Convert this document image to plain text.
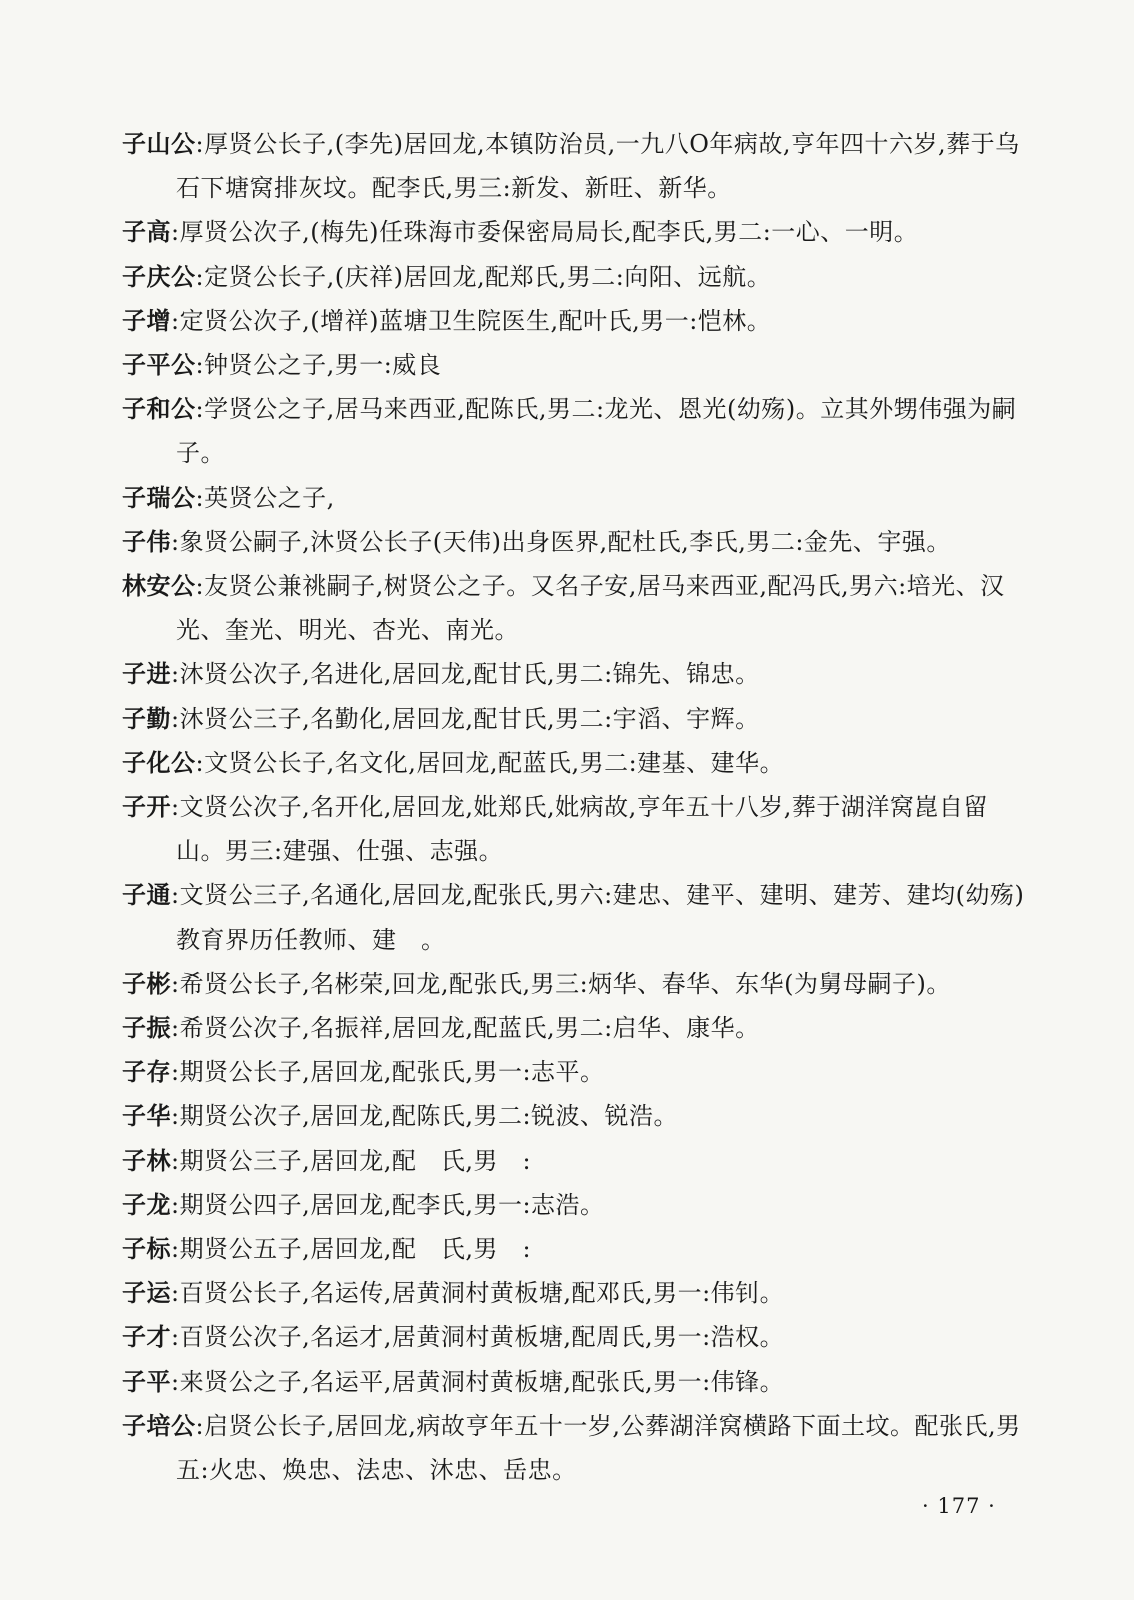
子山公:厚贤公长子,(李先)居回龙,本镇防治员,一九八O年病故,亨年四十六岁,葬于乌石下塘窝排灰坟。配李氏,男三:新发、新旺、新华。
子高:厚贤公次子,(梅先)任珠海市委保密局局长,配李氏,男二:一心、一明。
子庆公:定贤公长子,(庆祥)居回龙,配郑氏,男二:向阳、远航。
子增:定贤公次子,(增祥)蓝塘卫生院医生,配叶氏,男一:恺林。
子平公:钟贤公之子,男一:威良
子和公:学贤公之子,居马来西亚,配陈氏,男二:龙光、恩光(幼殇)。立其外甥伟强为嗣子。
子瑞公:英贤公之子,
子伟:象贤公嗣子,沐贤公长子(天伟)出身医界,配杜氏,李氏,男二:金先、宇强。
林安公:友贤公兼祧嗣子,树贤公之子。又名子安,居马来西亚,配冯氏,男六:培光、汉光、奎光、明光、杏光、南光。
子进:沐贤公次子,名进化,居回龙,配甘氏,男二:锦先、锦忠。
子勤:沐贤公三子,名勤化,居回龙,配甘氏,男二:宇滔、宇辉。
子化公:文贤公长子,名文化,居回龙,配蓝氏,男二:建基、建华。
子开:文贤公次子,名开化,居回龙,妣郑氏,妣病故,亨年五十八岁,葬于湖洋窝崑自留山。男三:建强、仕强、志强。
子通:文贤公三子,名通化,居回龙,配张氏,男六:建忠、建平、建明、建芳、建均(幼殇)教育界历任教师、建　。
子彬:希贤公长子,名彬荣,回龙,配张氏,男三:炳华、春华、东华(为舅母嗣子)。
子振:希贤公次子,名振祥,居回龙,配蓝氏,男二:启华、康华。
子存:期贤公长子,居回龙,配张氏,男一:志平。
子华:期贤公次子,居回龙,配陈氏,男二:锐波、锐浩。
子林:期贤公三子,居回龙,配　氏,男　:
子龙:期贤公四子,居回龙,配李氏,男一:志浩。
子标:期贤公五子,居回龙,配　氏,男　:
子运:百贤公长子,名运传,居黄洞村黄板塘,配邓氏,男一:伟钊。
子才:百贤公次子,名运才,居黄洞村黄板塘,配周氏,男一:浩权。
子平:来贤公之子,名运平,居黄洞村黄板塘,配张氏,男一:伟锋。
子培公:启贤公长子,居回龙,病故亨年五十一岁,公葬湖洋窝横路下面土坟。配张氏,男五:火忠、焕忠、法忠、沐忠、岳忠。
· 177 ·
